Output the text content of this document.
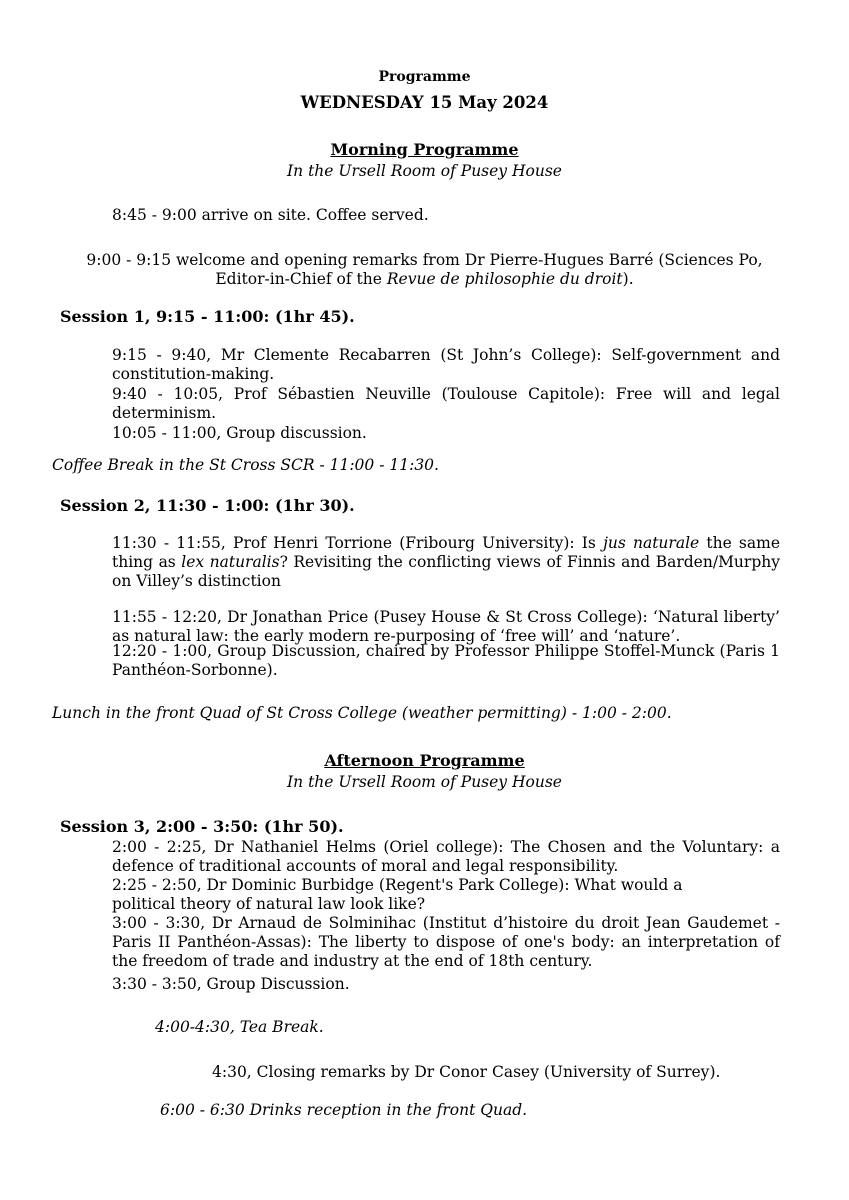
Programme

WEDNESDAY 15 May 2024

Morning Programme

In the Ursell Room of Pusey House

8:45 - 9:00 arrive on site. Coffee served.

9:00 - 9:15 welcome and opening remarks from Dr Pierre-Hugues Barré (Sciences Po,
Editor-in-Chief of the Revue de philosophie du droit).

Session 1, 9:15 - 11:00: (1hr 45).

9:15 - 9:40, Mr Clemente Recabarren (St John’s College): Self-government and constitution-making.

9:40 - 10:05, Prof Sébastien Neuville (Toulouse Capitole): Free will and legal determinism.

10:05 - 11:00, Group discussion.

Coffee Break in the St Cross SCR - 11:00 - 11:30.

Session 2, 11:30 - 1:00: (1hr 30).

11:30 - 11:55, Prof Henri Torrione (Fribourg University): Is jus naturale the same thing as lex naturalis? Revisiting the conflicting views of Finnis and Barden/Murphy on Villey’s distinction

11:55 - 12:20, Dr Jonathan Price (Pusey House & St Cross College): ‘Natural liberty’ as natural law: the early modern re-purposing of ‘free will’ and ‘nature’.

12:20 - 1:00, Group Discussion, chaired by Professor Philippe Stoffel-Munck (Paris 1 Panthéon-Sorbonne).

Lunch in the front Quad of St Cross College (weather permitting) - 1:00 - 2:00.

Afternoon Programme

In the Ursell Room of Pusey House

Session 3, 2:00 - 3:50: (1hr 50).

2:00 - 2:25, Dr Nathaniel Helms (Oriel college): The Chosen and the Voluntary: a defence of traditional accounts of moral and legal responsibility.

2:25 - 2:50, Dr Dominic Burbidge (Regent's Park College): What would a political theory of natural law look like?

3:00 - 3:30, Dr Arnaud de Solminihac (Institut d’histoire du droit Jean Gaudemet - Paris II Panthéon-Assas): The liberty to dispose of one's body: an interpretation of the freedom of trade and industry at the end of 18th century.

3:30 - 3:50, Group Discussion.

4:00-4:30, Tea Break.

4:30, Closing remarks by Dr Conor Casey (University of Surrey).

6:00 - 6:30 Drinks reception in the front Quad.
